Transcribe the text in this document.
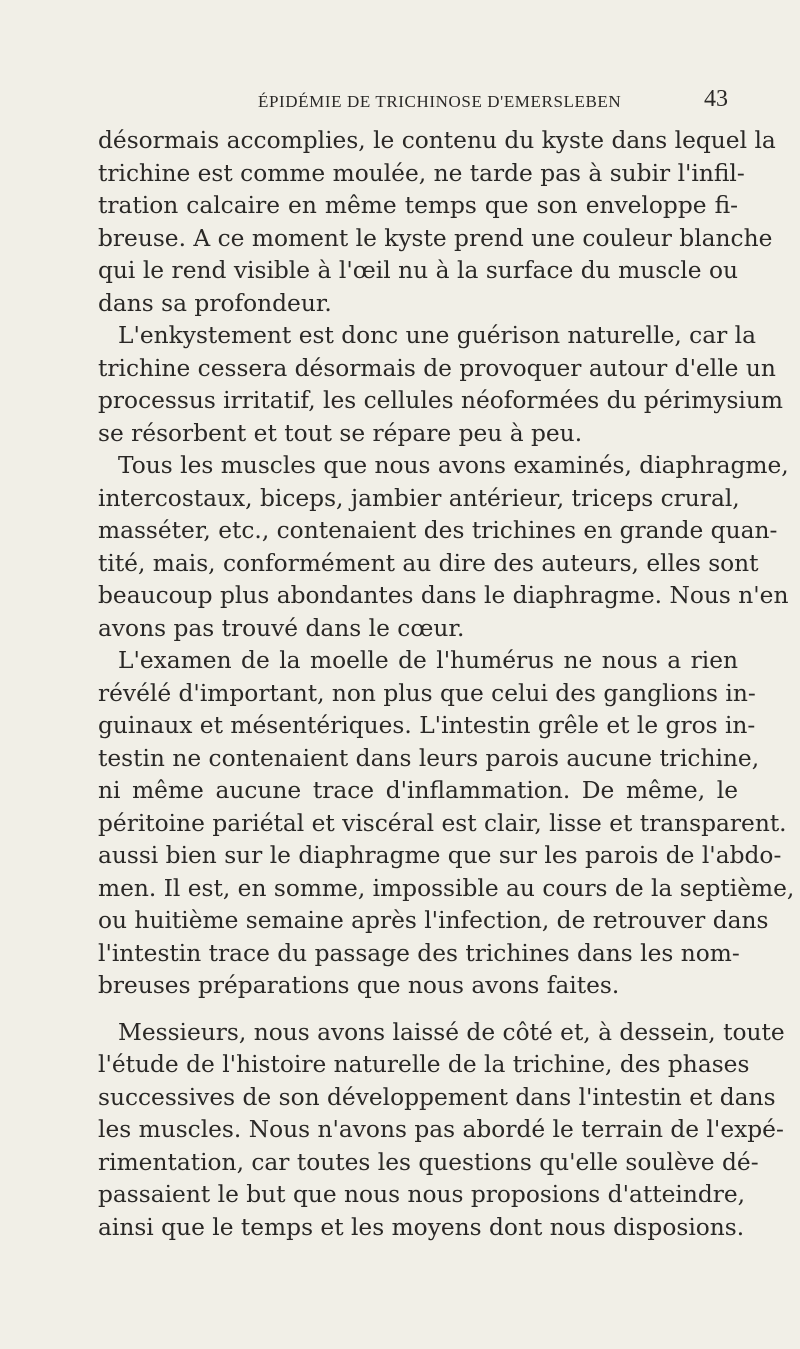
ÉPIDÉMIE DE TRICHINOSE D'EMERSLEBEN	43

désormais accomplies, le contenu du kyste dans lequel la
trichine est comme moulée, ne tarde pas à subir l'infil-
tration calcaire en même temps que son enveloppe fi-
breuse. A ce moment le kyste prend une couleur blanche
qui le rend visible à l'œil nu à la surface du muscle ou
dans sa profondeur.

L'enkystement est donc une guérison naturelle, car la
trichine cessera désormais de provoquer autour d'elle un
processus irritatif, les cellules néoformées du périmysium
se résorbent et tout se répare peu à peu.

Tous les muscles que nous avons examinés, diaphragme,
intercostaux, biceps, jambier antérieur, triceps crural,
masséter, etc., contenaient des trichines en grande quan-
tité, mais, conformément au dire des auteurs, elles sont
beaucoup plus abondantes dans le diaphragme. Nous n'en
avons pas trouvé dans le cœur.

L'examen de la moelle de l'humérus ne nous a rien
révélé d'important, non plus que celui des ganglions in-
guinaux et mésentériques. L'intestin grêle et le gros in-
testin ne contenaient dans leurs parois aucune trichine,
ni même aucune trace d'inflammation. De même, le
péritoine pariétal et viscéral est clair, lisse et transparent.
aussi bien sur le diaphragme que sur les parois de l'abdo-
men. Il est, en somme, impossible au cours de la septième,
ou huitième semaine après l'infection, de retrouver dans
l'intestin trace du passage des trichines dans les nom-
breuses préparations que nous avons faites.

Messieurs, nous avons laissé de côté et, à dessein, toute
l'étude de l'histoire naturelle de la trichine, des phases
successives de son développement dans l'intestin et dans
les muscles. Nous n'avons pas abordé le terrain de l'expé-
rimentation, car toutes les questions qu'elle soulève dé-
passaient le but que nous nous proposions d'atteindre,
ainsi que le temps et les moyens dont nous disposions.
